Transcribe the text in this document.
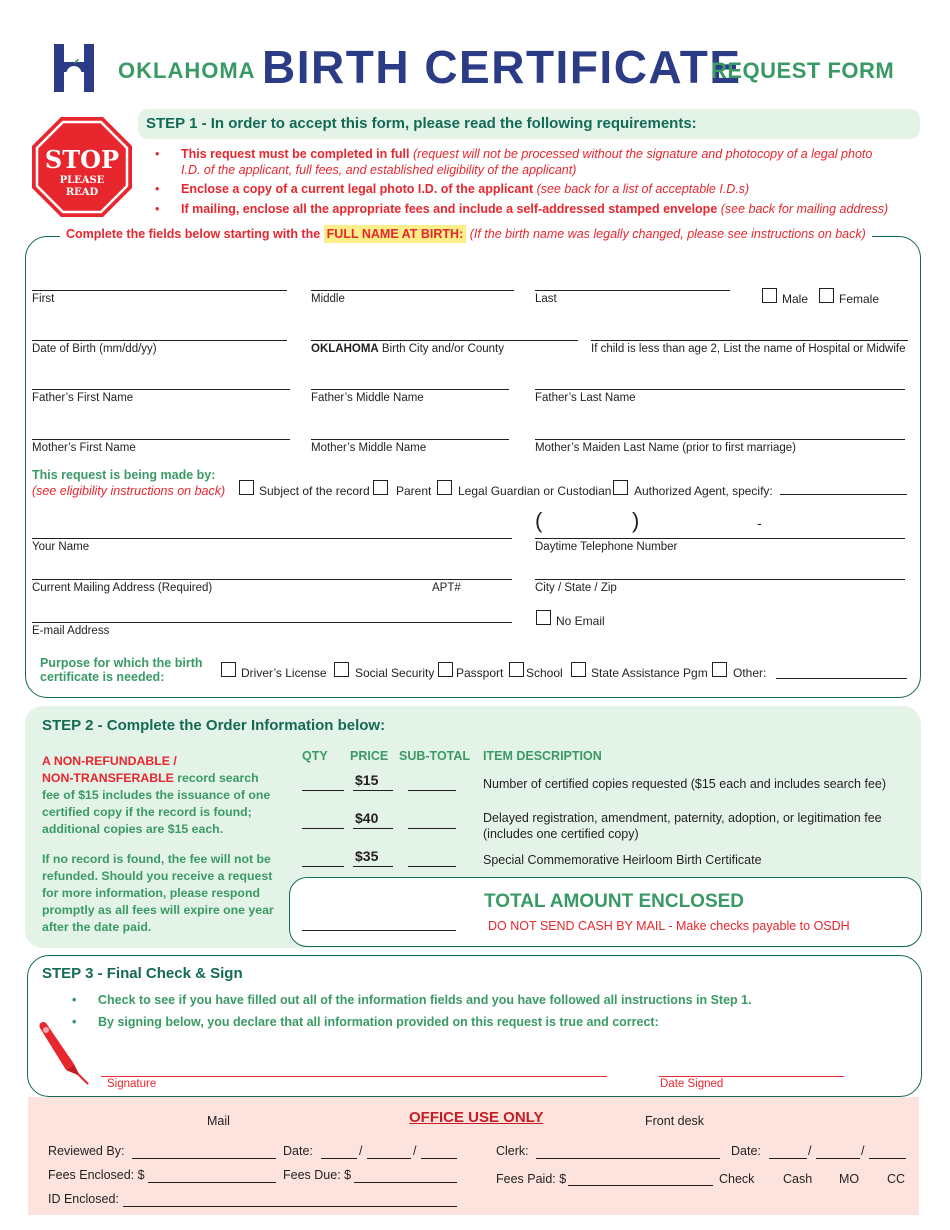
OKLAHOMA BIRTH CERTIFICATE
REQUEST FORM
STOP
PLEASE
READ
STEP 1 - In order to accept this form, please read the following requirements:
• This request must be completed in full (request will not be processed without the signature and photocopy of a legal photo I.D. of the applicant, full fees, and established eligibility of the applicant)
• Enclose a copy of a current legal photo I.D. of the applicant (see back for a list of acceptable I.D.s)
• If mailing, enclose all the appropriate fees and include a self-addressed stamped envelope (see back for mailing address)
Complete the fields below starting with the FULL NAME AT BIRTH: (If the birth name was legally changed, please see instructions on back)
First	Middle	Last	Male	Female
Date of Birth (mm/dd/yy)	OKLAHOMA Birth City and/or County	If child is less than age 2, List the name of Hospital or Midwife
Father’s First Name	Father’s Middle Name	Father’s Last Name
Mother’s First Name	Mother’s Middle Name	Mother’s Maiden Last Name (prior to first marriage)
This request is being made by:
(see eligibility instructions on back)	Subject of the record Parent Legal Guardian or Custodian Authorized Agent, specify:
Your Name
(	)	-
Daytime Telephone Number
Current Mailing Address (Required)	APT#	City / State / Zip
E-mail Address
No Email
Purpose for which the birth
certificate is needed:	Driver’s License Social Security Passport School State Assistance Pgm Other:
STEP 2 - Complete the Order Information below:
A NON-REFUNDABLE /
NON-TRANSFERABLE record search fee of $15 includes the issuance of one certified copy if the record is found; additional copies are $15 each.
If no record is found, the fee will not be refunded. Should you receive a request for more information, please respond promptly as all fees will expire one year after the date paid.
QTY PRICE SUB-TOTAL ITEM DESCRIPTION
$15	Number of certified copies requested ($15 each and includes search fee)
$40	Delayed registration, amendment, paternity, adoption, or legitimation fee (includes one certified copy)
$35	Special Commemorative Heirloom Birth Certificate
TOTAL AMOUNT ENCLOSED
DO NOT SEND CASH BY MAIL - Make checks payable to OSDH
STEP 3 - Final Check & Sign
• Check to see if you have filled out all of the information fields and you have followed all instructions in Step 1.
• By signing below, you declare that all information provided on this request is true and correct:
Signature	Date Signed
Mail	OFFICE USE ONLY	Front desk
Reviewed By:	Date:	/	/	Clerk:	Date:	/	/
Fees Enclosed: $	Fees Due: $	Fees Paid: $	Check Cash MO CC
ID Enclosed:
